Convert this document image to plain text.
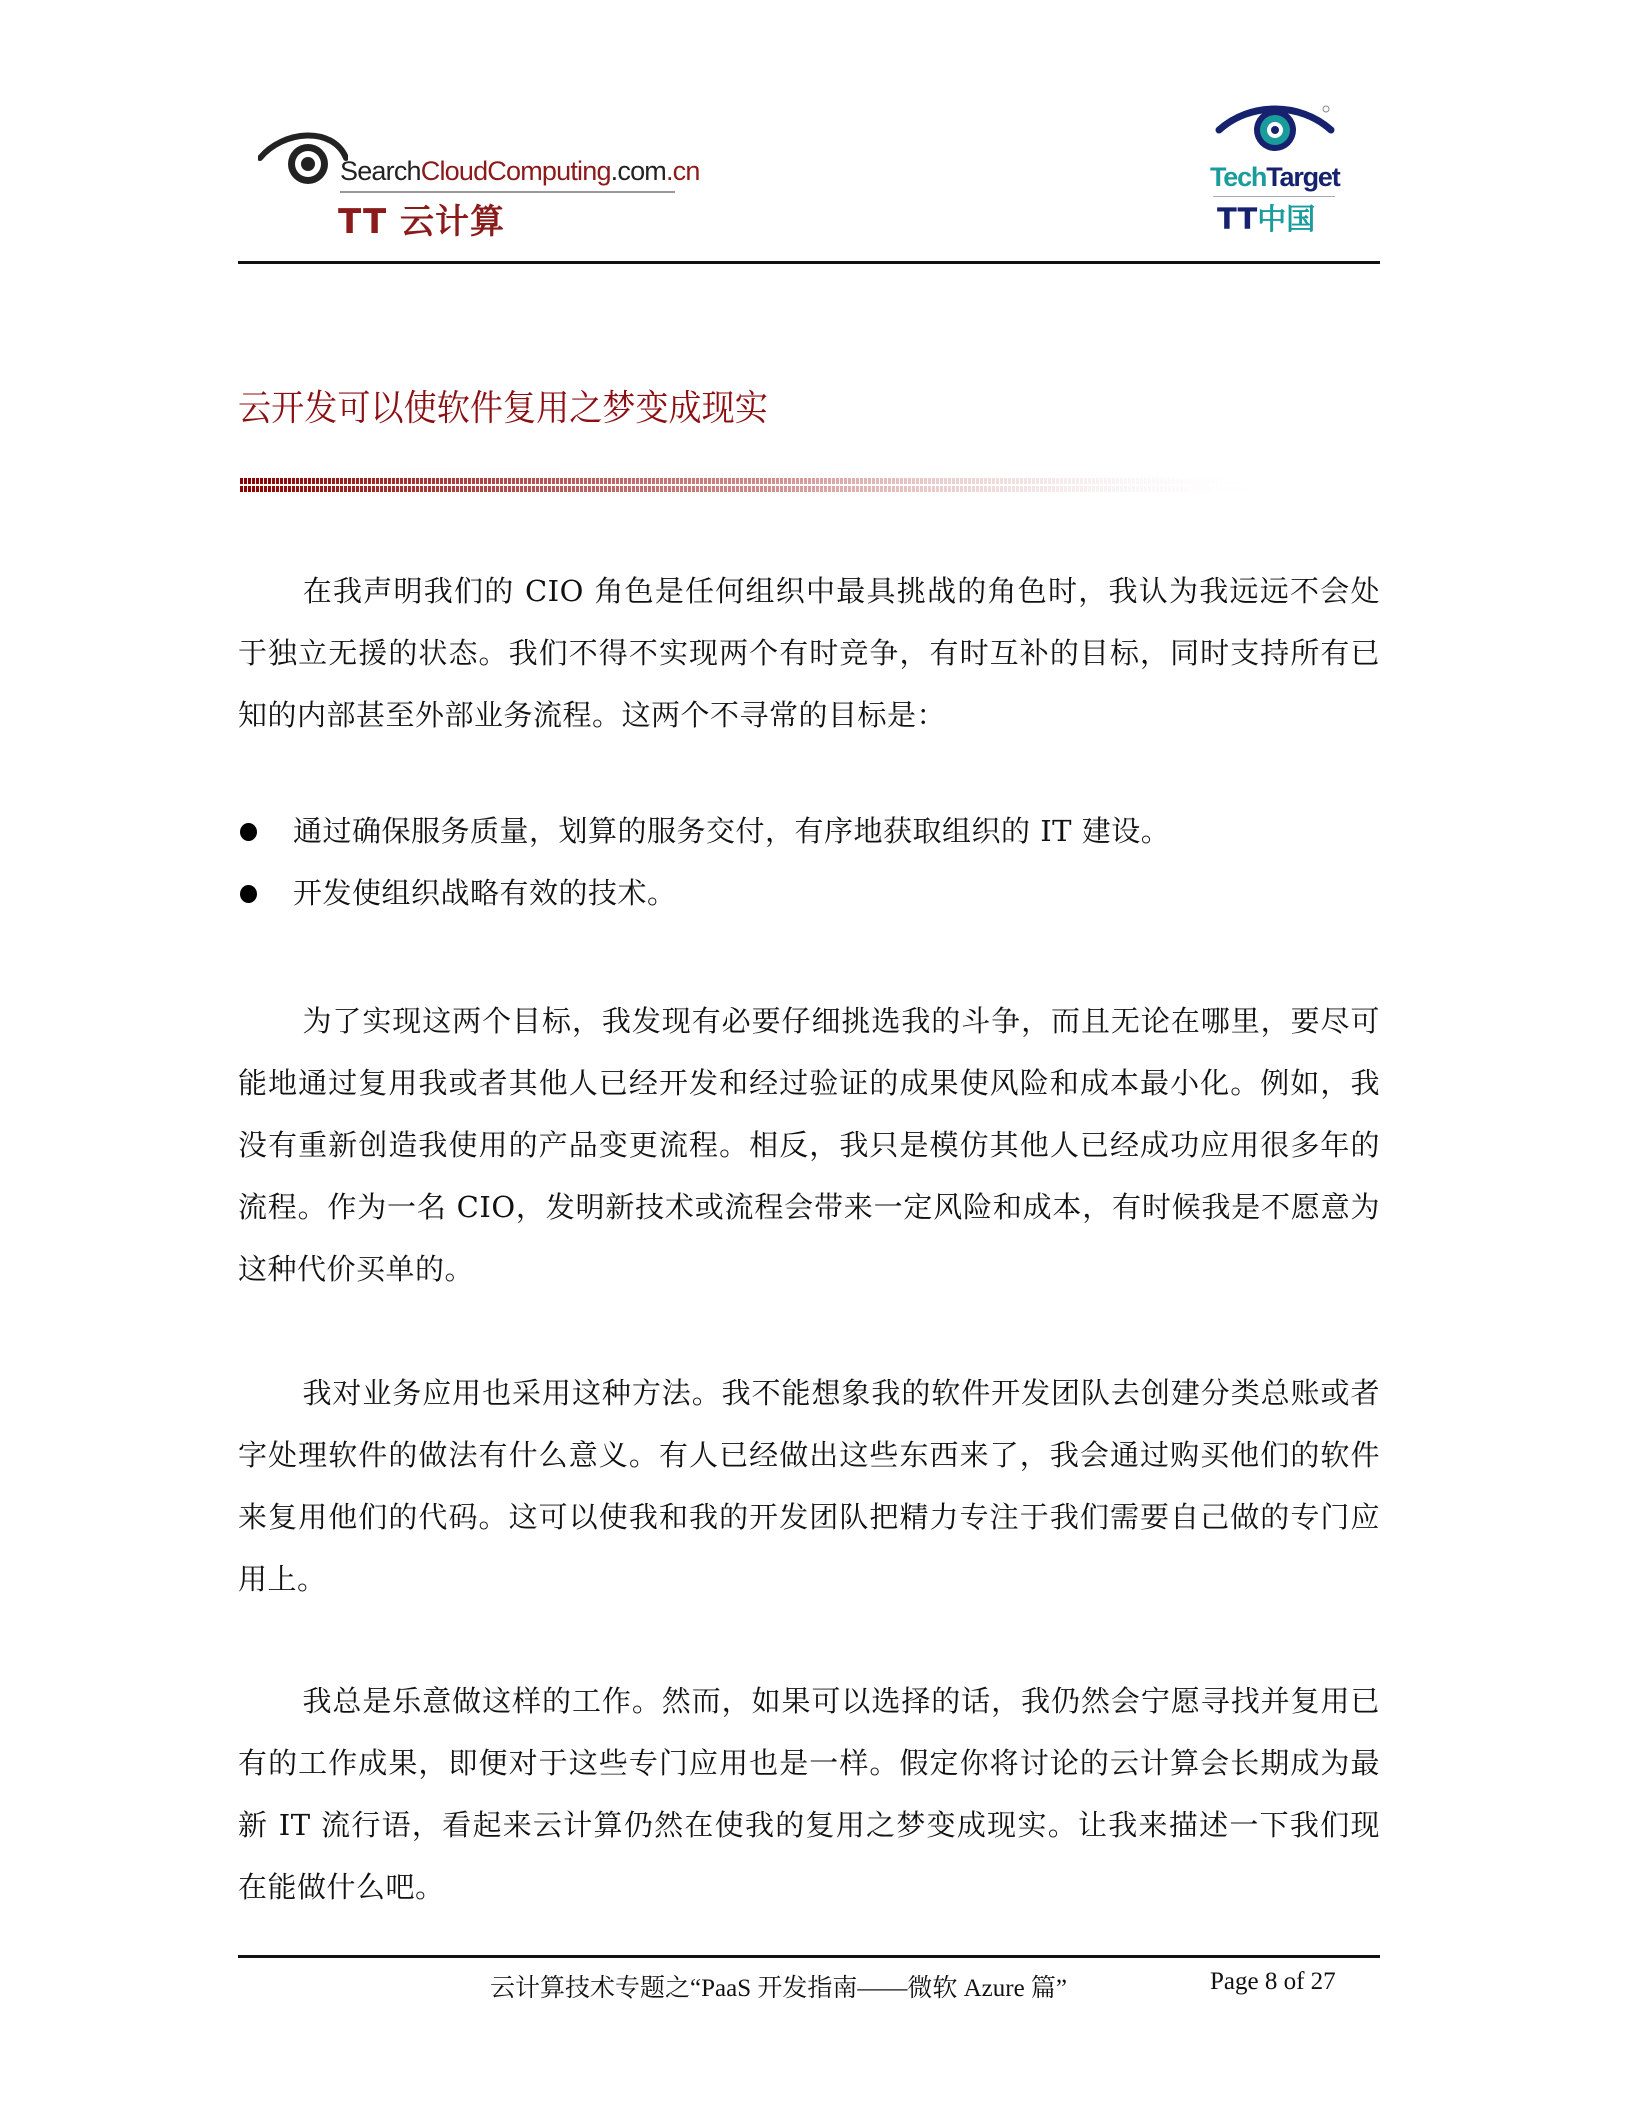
SearchCloudComputing.com.cn
TT 云计算
TechTarget
TT中国
云开发可以使软件复用之梦变成现实

在我声明我们的 CIO 角色是任何组织中最具挑战的角色时，我认为我远远不会处于独立无援的状态。我们不得不实现两个有时竞争，有时互补的目标，同时支持所有已知的内部甚至外部业务流程。这两个不寻常的目标是：

通过确保服务质量，划算的服务交付，有序地获取组织的 IT 建设。
开发使组织战略有效的技术。

为了实现这两个目标，我发现有必要仔细挑选我的斗争，而且无论在哪里，要尽可能地通过复用我或者其他人已经开发和经过验证的成果使风险和成本最小化。例如，我没有重新创造我使用的产品变更流程。相反，我只是模仿其他人已经成功应用很多年的流程。作为一名 CIO，发明新技术或流程会带来一定风险和成本，有时候我是不愿意为这种代价买单的。

我对业务应用也采用这种方法。我不能想象我的软件开发团队去创建分类总账或者字处理软件的做法有什么意义。有人已经做出这些东西来了，我会通过购买他们的软件来复用他们的代码。这可以使我和我的开发团队把精力专注于我们需要自己做的专门应用上。

我总是乐意做这样的工作。然而，如果可以选择的话，我仍然会宁愿寻找并复用已有的工作成果，即便对于这些专门应用也是一样。假定你将讨论的云计算会长期成为最新 IT 流行语，看起来云计算仍然在使我的复用之梦变成现实。让我来描述一下我们现在能做什么吧。

云计算技术专题之“PaaS 开发指南——微软 Azure 篇”	Page 8 of 27
